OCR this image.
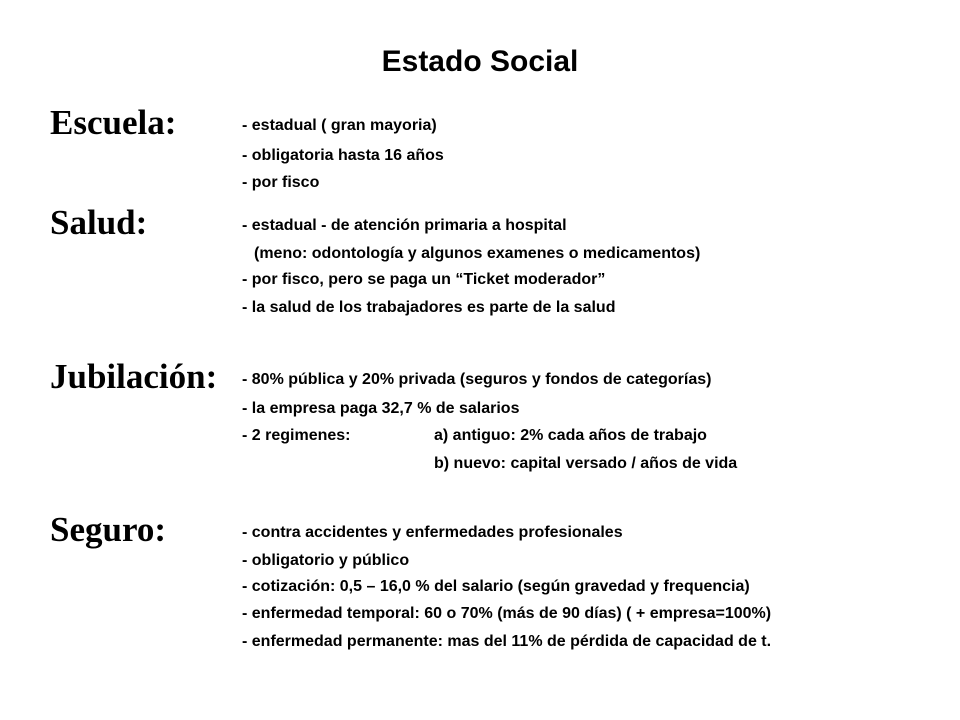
Estado Social
Escuela:	- estadual ( gran mayoria)
- obligatoria hasta 16 años
- por fisco
Salud:	- estadual - de atención primaria a hospital
(meno: odontología y algunos examenes o medicamentos)
- por fisco, pero se paga un “Ticket moderador”
- la salud de los trabajadores es parte de la salud
Jubilación: - 80% pública y 20% privada (seguros y fondos de categorías)
- la empresa paga 32,7 % de salarios
- 2 regimenes:	a) antiguo: 2% cada años de trabajo
b) nuevo: capital versado / años de vida
Seguro:	- contra accidentes y enfermedades profesionales
- obligatorio y público
- cotización: 0,5 – 16,0 % del salario (según gravedad y frequencia)
- enfermedad temporal: 60 o 70% (más de 90 días) ( + empresa=100%)
- enfermedad permanente: mas del 11% de pérdida de capacidad de t.
